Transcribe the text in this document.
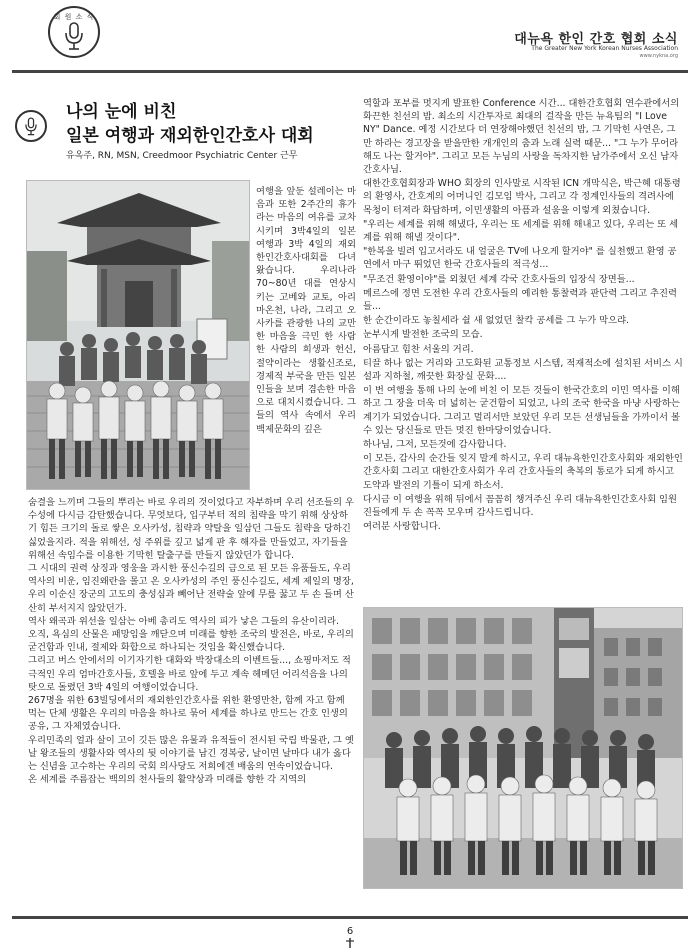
회 원 소 식
대뉴욕 한인 간호 협회 소식
The Greater New York Korean Nurses Association
www.nykna.org
나의 눈에 비친
일본 여행과 재외한인간호사 대회
유옥주, RN, MSN, Creedmoor Psychiatric Center 근무

여행을 앞둔 설레이는 마음과 또한 2주간의 휴가라는 마음의 여유를 교차시키며 3박4일의 일본 여행과 3박 4일의 재외한인간호사대회를 다녀왔습니다. 우리나라 70~80년 대를 연상시키는 고베와 교토, 아리마온천, 나라, 그리고 오사카를 관광한 나의 교만한 마음을 극민 한 사람 한 사람의 희생과 헌신, 절약이라는 생활신조로, 경제적 부국을 만든 일본인들을 보며 겸손한 마음으로 대치시켰습니다. 그들의 역사 속에서 우리 백제문화의 깊은

숨결을 느끼며 그들의 뿌리는 바로 우리의 것이었다고 자부하며 우리 선조들의 우수성에 다시금 감탄했습니다. 무엇보다, 입구부터 적의 침략을 막기 위해 상상하기 힘든 크기의 돌로 쌓은 오사카성, 침략과 약탈을 일삼던 그들도 침략을 당하긴 싫었을지라. 적을 위해선, 성 주위를 깊고 넓게 판 후 해자를 만들었고, 자기들을 위해선 속임수를 이용한 기막힌 탈출구를 만들지 않았던가 합니다.

그 시대의 권력 상징과 영웅을 과시한 풍신수길의 금으로 된 모든 유품들도, 우리 역사의 비운, 임진왜란을 몰고 온 오사카성의 주인 풍신수길도, 세계 제일의 명장, 우리 이순신 장군의 고도의 충성심과 빼어난 전략술 앞에 무릎 꿇고 두 손 들며 산산히 부서지지 않았던가.

역사 왜곡과 위선을 일삼는 아베 총리도 역사의 피가 낳은 그들의 유산이리라.

오직, 욕심의 산물은 패망임을 깨닫으며 미래를 향한 조국의 발전은, 바로, 우리의 굳건함과 인내, 절제와 화합으로 하나되는 것임을 확신했습니다.

그리고 버스 안에서의 이기자기한 대화와 박장대소의 이벤트들..., 쇼핑마저도 적극적인 우리 엄마간호사들, 호텔을 바로 앞에 두고 계속 헤메던 어리석음을 나의 탓으로 돌렸던 3박 4일의 여행이었습니다.

267명을 위한 63빌딩에서의 재외한인간호사를 위한 환영만찬, 함께 자고 함께 먹는 단체 생활은 우리의 마음을 하나로 묶어 세계를 하나로 만드는 간호 인생의 공유, 그 자체였습니다.

우리민족의 얼과 살이 고이 깃든 많은 유물과 유적들이 전시된 국립 박물관, 그 옛날 왕조들의 생활사와 역사의 뒷 이야기를 남긴 경복궁, 날이면 날마다 내가 옳다는 신념을 고수하는 우리의 국회 의사당도 저희에겐 배움의 연속이었습니다.

온 세계를 주름잡는 백의의 천사들의 활약상과 미래를 향한 각 지역의

역할과 포부를 멋지게 발표한 Conference 시간... 대한간호협회 연수관에서의 화끈한 친선의 밤. 최소의 시간투자로 최대의 걸작을 만든 뉴욕팀의 "I Love NY" Dance. 예정 시간보다 더 연장해야했던 친선의 밤, 그 기막힌 사연은, 그만 하라는 경고장을 받을만한 개개인의 춤과 노래 실력 때문... "그 누가 무어라해도 나는 할거야". 그리고 모든 누님의 사랑을 독차지한 남가주에서 오신 남자 간호사님.

대한간호협회장과 WHO 회장의 인사말로 시작된 ICN 개막식은, 박근혜 대통령의 환영사, 간호계의 어머니인 김모임 박사, 그리고 각 정계인사들의 격려사에 목청이 터져라 화답하며, 이민생활의 아픔과 설움을 이렇게 외쳤습니다.

"우리는 세계를 위해 해냈다, 우리는 또 세계를 위해 해내고 있다, 우리는 또 세계를 위해 해낼 것이다".

"한복을 빌려 입고서라도 내 얼굴은 TV에 나오게 할거야" 를 실천했고 환영 공연에서 마구 뛰었던 한국 간호사들의 적극성...

"무조건 환영이야"를 외쳤던 세계 각국 간호사들의 입장식 장면들...

메르스에 정면 도전한 우리 간호사들의 예리한 통찰력과 판단력 그리고 추진력들...

한 순간이라도 놓칠세라 쉴 새 없었던 찰칵 공세를 그 누가 막으랴.

눈부시게 발전한 조국의 모습.

아름답고 힘찬 서울의 거리.

티끌 하나 없는 거리와 고도화된 교통정보 시스템, 적재적소에 설치된 서비스 시설과 지하철, 깨끗한 화장실 문화....

이 번 여행을 통해 나의 눈에 비친 이 모든 것들이 한국간호의 이민 역사를 이해하고 그 장을 더욱 더 넓히는 굳건함이 되었고, 나의 조국 한국을 마냥 사랑하는 계기가 되었습니다. 그리고 멀리서만 보았던 우리 모든 선생님들을 가까이서 볼 수 있는 당신들로 만든 멋진 한마당이었습니다.

하나님, 그저, 모든것에 감사합니다.

이 모든, 감사의 순간들 잊지 말게 하시고, 우리 대뉴욕한인간호사회와 재외한인간호사회 그리고 대한간호사회가 우리 간호사들의 축복의 통로가 되게 하시고 도약과 발전의 기틀이 되게 하소서.

다시금 이 여행을 위해 뒤에서 꼼꼼히 챙겨주신 우리 대뉴욕한인간호사회 임원진들에게 두 손 꼭꼭 모우며 감사드립니다.

여러분 사랑합니다.

6
